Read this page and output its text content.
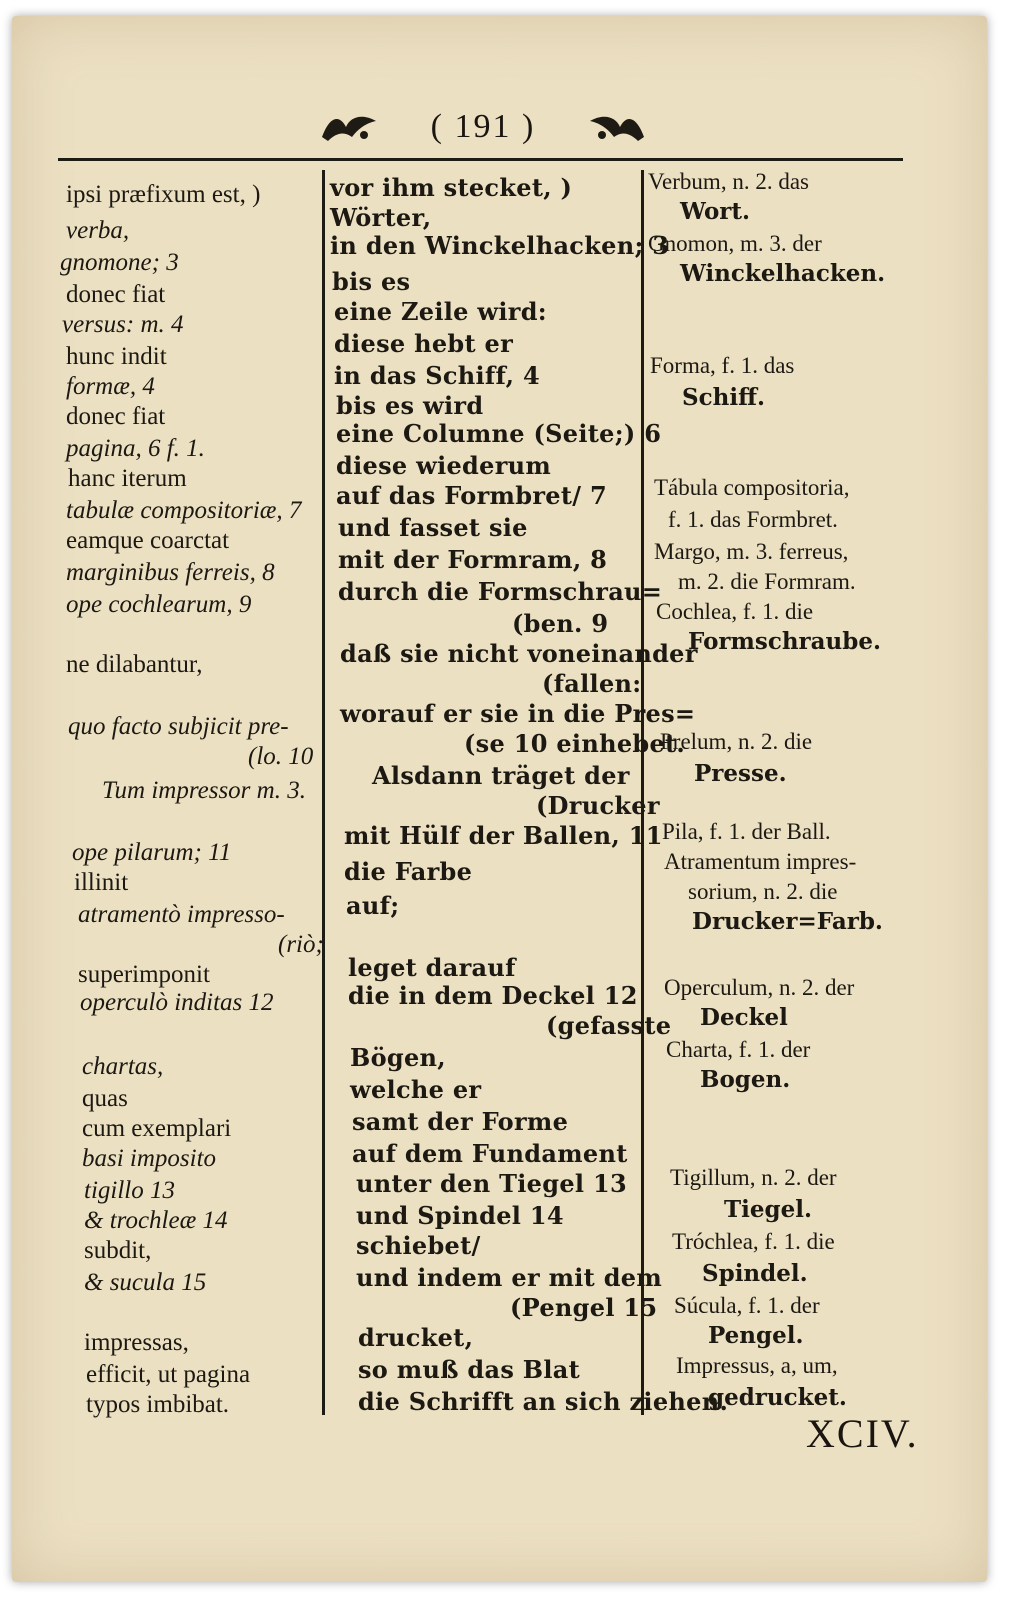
( 191 )
ipsi præfixum est, )
verba,
gnomone; 3
donec fiat
versus: m. 4
hunc indit
formæ, 4
donec fiat
pagina, 6 f. 1.
hanc iterum
tabulæ compositoriæ, 7
eamque coarctat
marginibus ferreis, 8
ope cochlearum, 9
ne dilabantur,
quo facto subjicit pre-
(lo. 10
Tum impressor m. 3.
ope pilarum; 11
illinit
atramentò impresso-
(riò;
superimponit
operculò inditas 12
chartas,
quas
cum exemplari
basi imposito
tigillo 13
& trochleæ 14
subdit,
& sucula 15
impressas,
efficit, ut pagina
typos imbibat.
vor ihm stecket, )
Wörter,
in den Winckelhacken; 3
bis es
eine Zeile wird:
diese hebt er
in das Schiff, 4
bis es wird
eine Columne (Seite;) 6
diese wiederum
auf das Formbret/ 7
und fasset sie
mit der Formram, 8
durch die Formschrau=
(ben. 9
daß sie nicht voneinander
(fallen:
worauf er sie in die Pres=
(se 10 einhebet.
Alsdann träget der
(Drucker
mit Hülf der Ballen, 11
die Farbe
auf;
leget darauf
die in dem Deckel 12
(gefasste
Bögen,
welche er
samt der Forme
auf dem Fundament
unter den Tiegel 13
und Spindel 14
schiebet/
und indem er mit dem
(Pengel 15
drucket,
so muß das Blat
die Schrifft an sich ziehen.
Verbum, n. 2. das
Wort.
Gnomon, m. 3. der
Winckelhacken.
Forma, f. 1. das
Schiff.
Tábula compositoria,
f. 1. das Formbret.
Margo, m. 3. ferreus,
m. 2. die Formram.
Cochlea, f. 1. die
Formschraube.
Prelum, n. 2. die
Presse.
Pila, f. 1. der Ball.
Atramentum impres-
sorium, n. 2. die
Drucker=Farb.
Operculum, n. 2. der
Deckel
Charta, f. 1. der
Bogen.
Tigillum, n. 2. der
Tiegel.
Tróchlea, f. 1. die
Spindel.
Súcula, f. 1. der
Pengel.
Impressus, a, um,
gedrucket.
XCIV.
